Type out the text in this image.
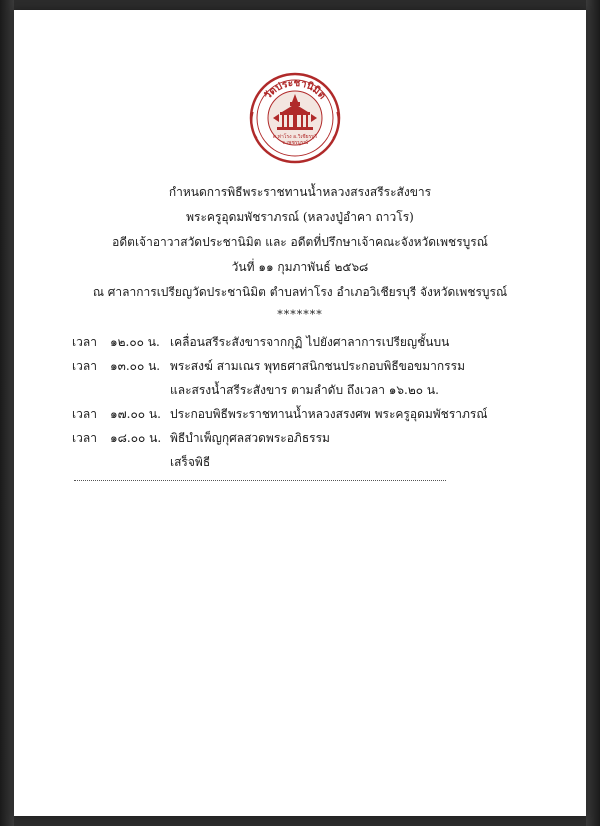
วัดประชานิมิต
ต.ท่าโรง อ.วิเชียรบุรี
จ.เพชรบูรณ์
กำหนดการพิธีพระราชทานน้ำหลวงสรงสรีระสังขาร
พระครูอุดมพัชราภรณ์ (หลวงปู่อำคา ถาวโร)
อดีตเจ้าอาวาสวัดประชานิมิต และ อดีตที่ปรึกษาเจ้าคณะจังหวัดเพชรบูรณ์
วันที่ ๑๑ กุมภาพันธ์ ๒๕๖๘
ณ ศาลาการเปรียญวัดประชานิมิต ตำบลท่าโรง อำเภอวิเชียรบุรี จังหวัดเพชรบูรณ์
*******
เวลา	๑๒.๐๐ น. เคลื่อนสรีระสังขารจากกุฏิ ไปยังศาลาการเปรียญชั้นบน
เวลา	๑๓.๐๐ น. พระสงฆ์ สามเณร พุทธศาสนิกชนประกอบพิธีขอขมากรรม
และสรงน้ำสรีระสังขาร ตามลำดับ ถึงเวลา ๑๖.๒๐ น.
เวลา	๑๗.๐๐ น. ประกอบพิธีพระราชทานน้ำหลวงสรงศพ พระครูอุดมพัชราภรณ์
เวลา	๑๘.๐๐ น. พิธีบำเพ็ญกุศลสวดพระอภิธรรม
เสร็จพิธี
